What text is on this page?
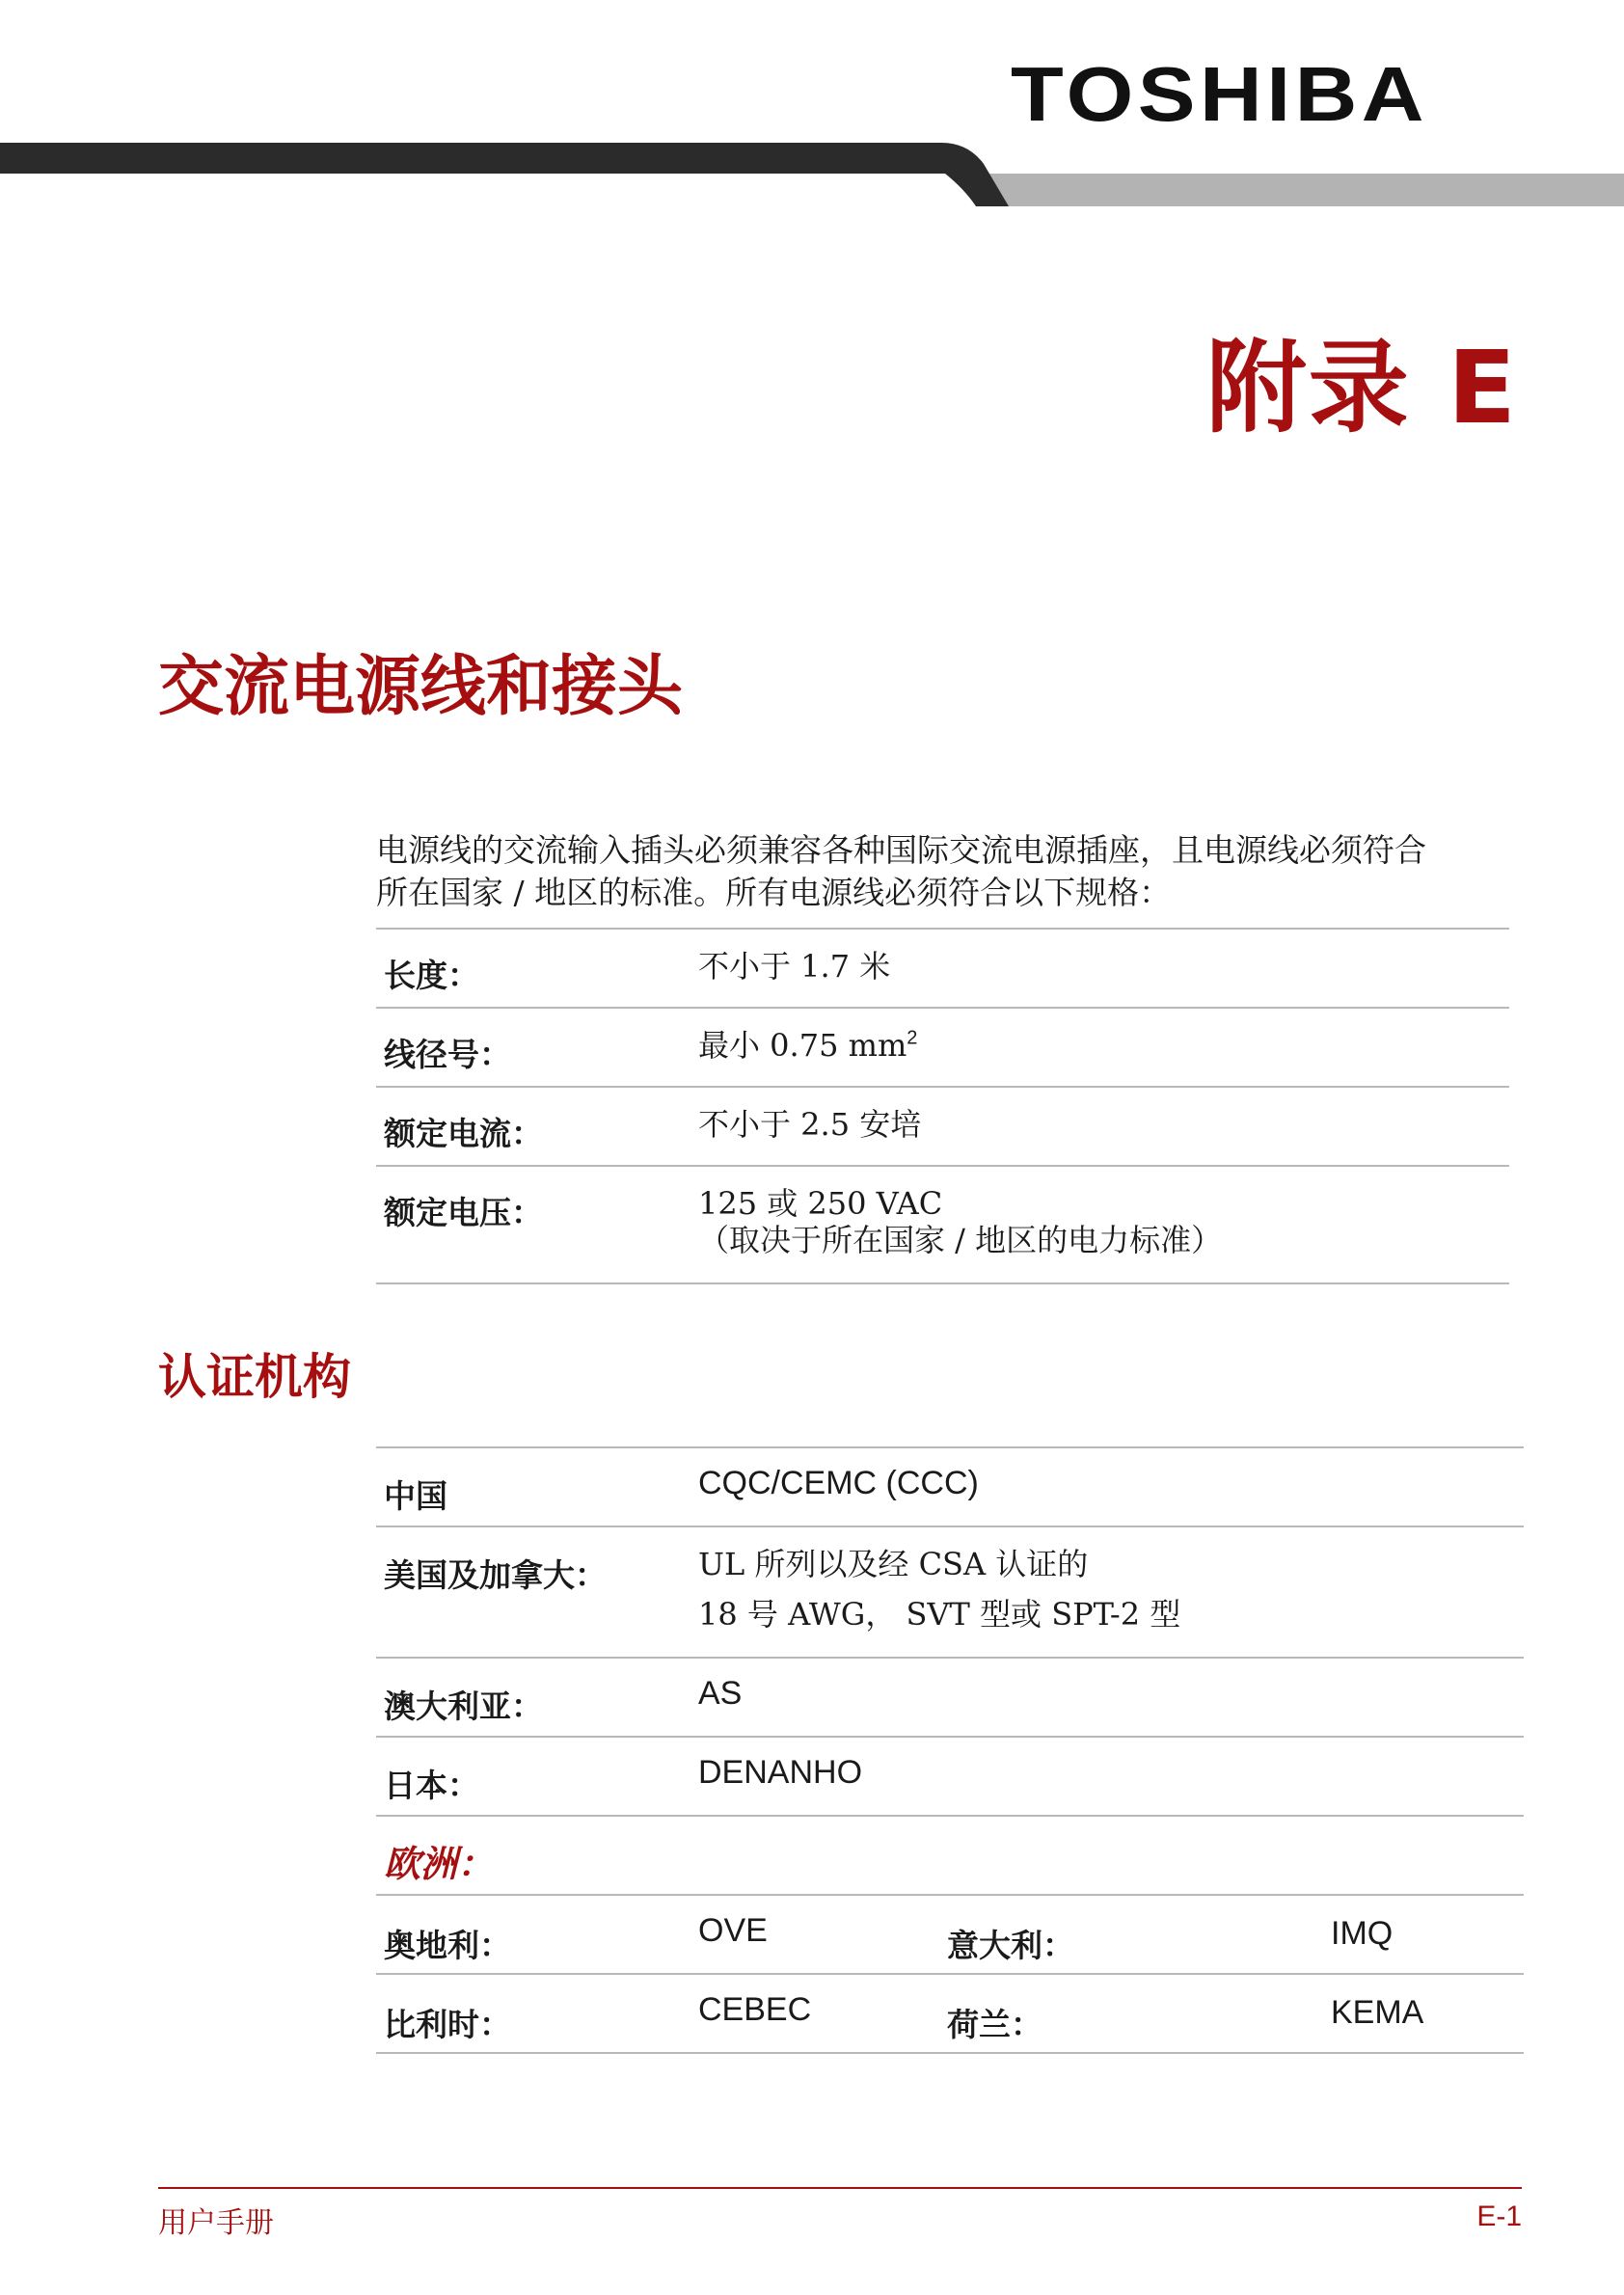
TOSHIBA
附录 E
交流电源线和接头

电源线的交流输入插头必须兼容各种国际交流电源插座，且电源线必须符合

所在国家 / 地区的标准。所有电源线必须符合以下规格：

长度：	不小于 1.7 米
线径号：	最小 0.75 $mm^2$
额定电流：	不小于 2.5 安培
额定电压：	125 或 250 VAC
（取决于所在国家 / 地区的电力标准）
认证机构
中国	CQC/CEMC (CCC)
美国及加拿大：	UL 所列以及经 CSA 认证的
18 号 AWG， SVT 型或 SPT-2 型
澳大利亚：	AS
日本：	DENANHO
欧洲：
奥地利：	OVE	意大利：	IMQ
比利时：	CEBEC	荷兰：	KEMA
用户手册	E-1
